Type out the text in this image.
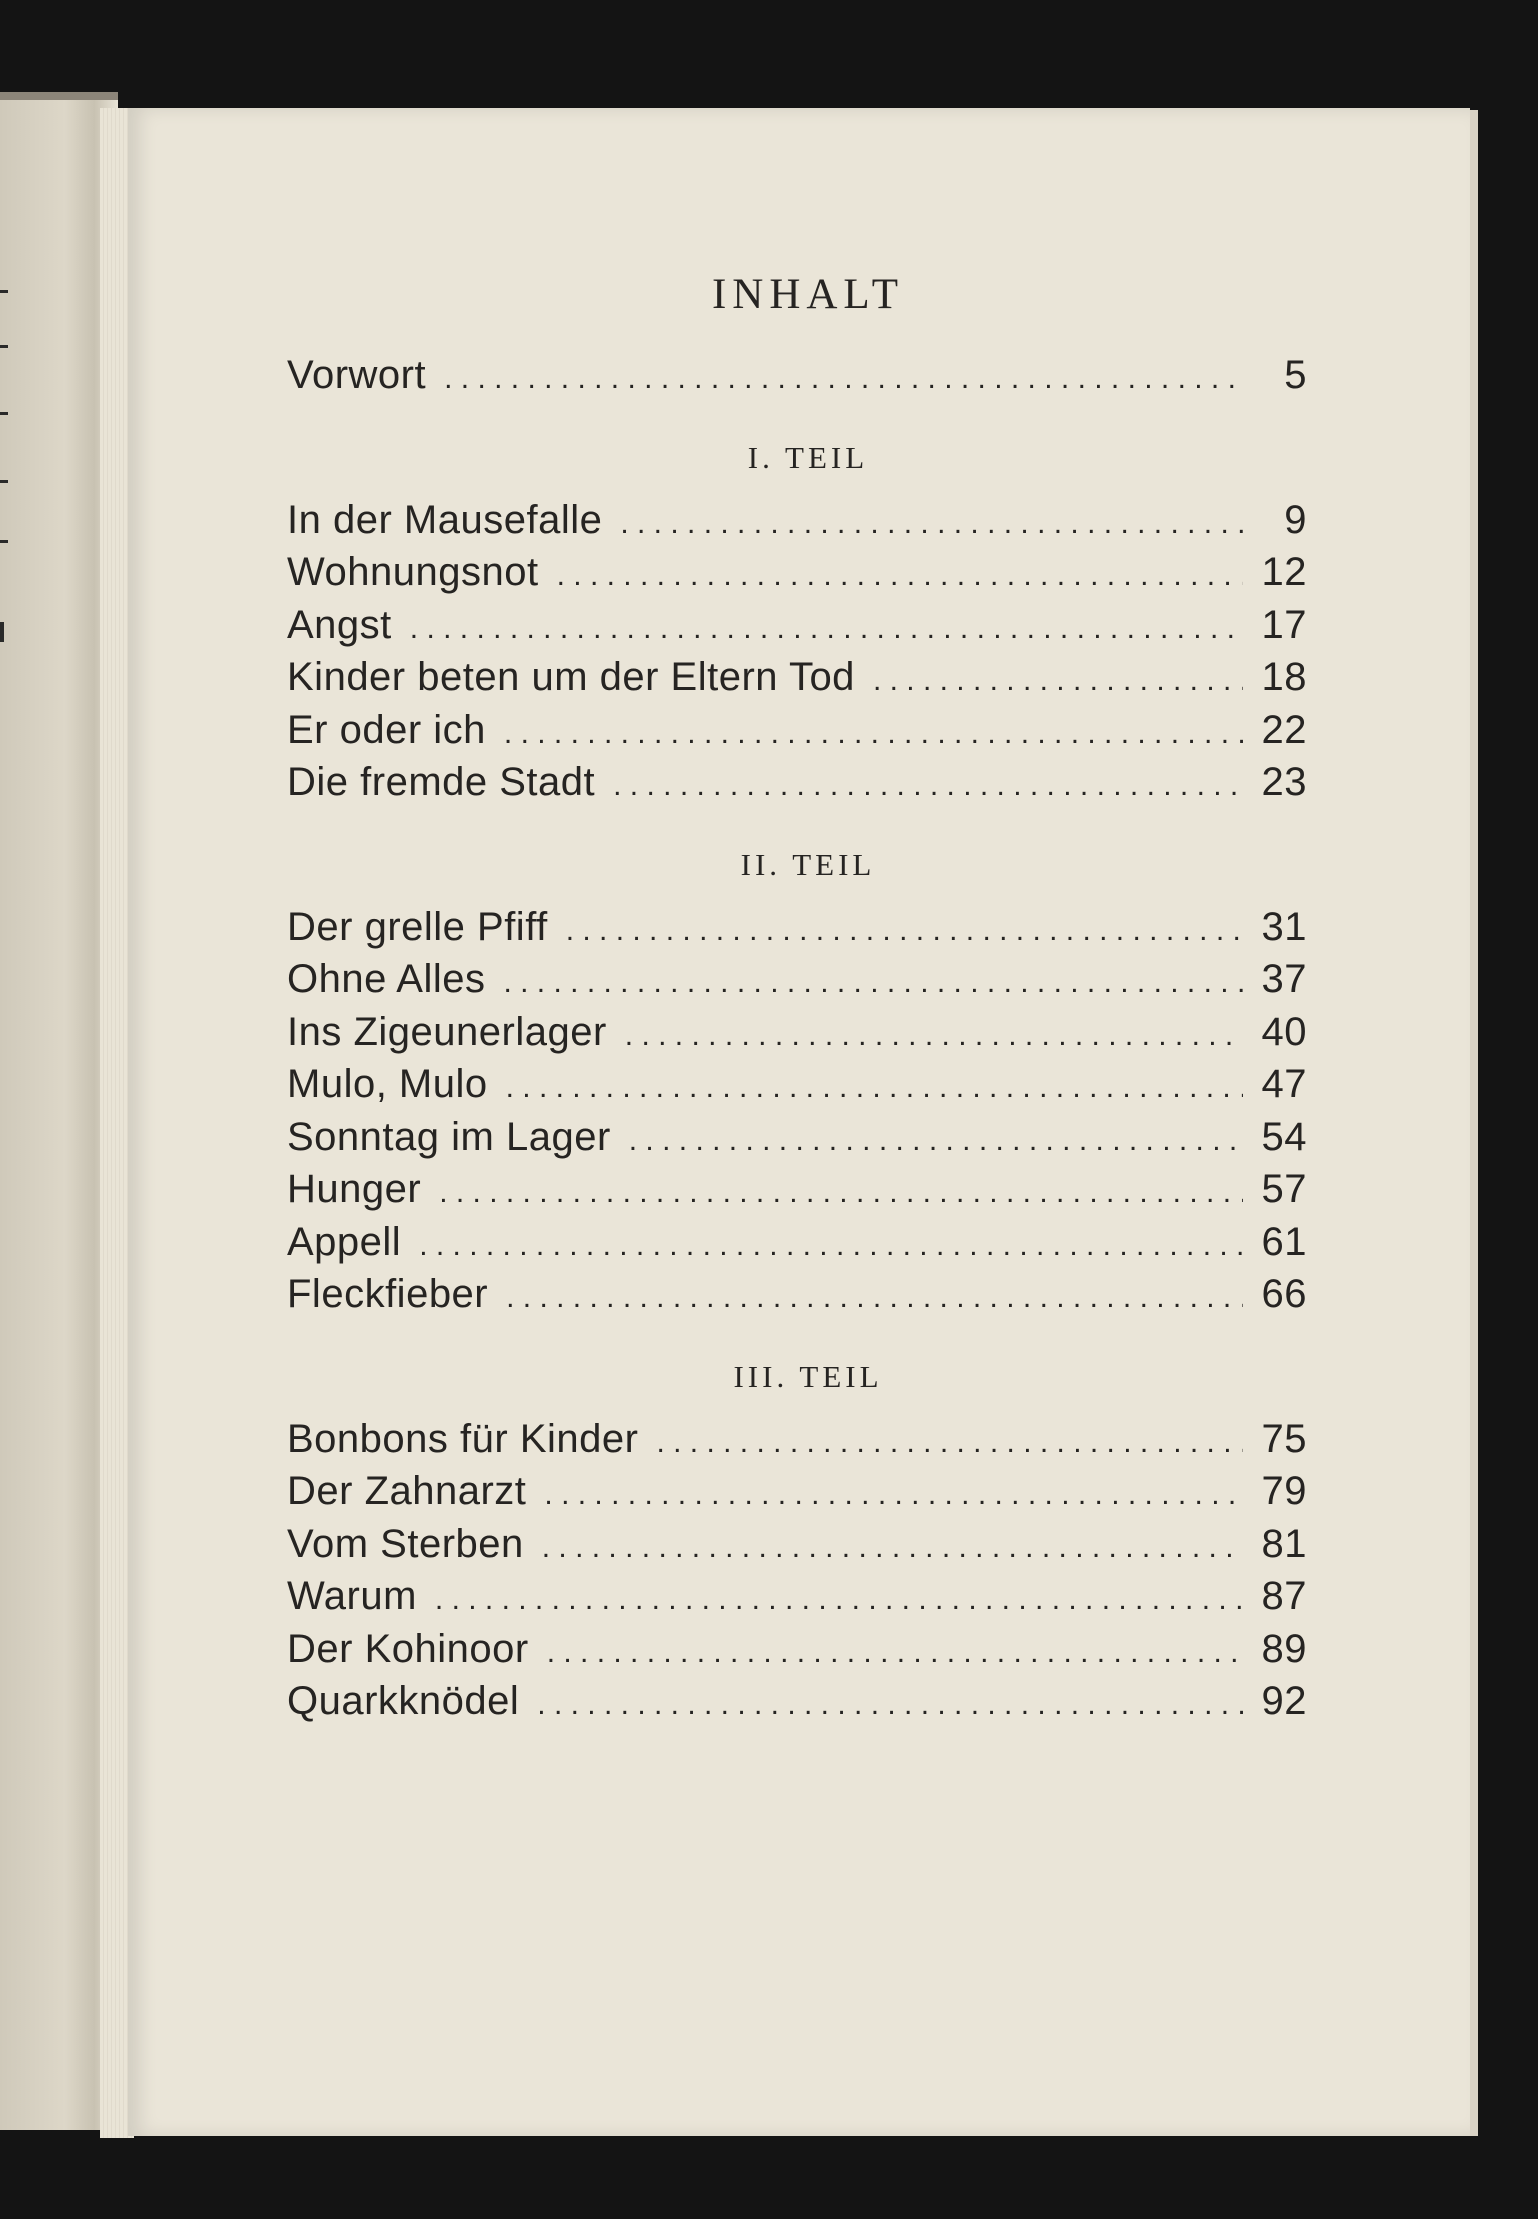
INHALT
Vorwort . . .	5
I. TEIL
In der Mausefalle . . .	9
Wohnungsnot . . .	12
Angst . . .	17
Kinder beten um der Eltern Tod . . .	18
Er oder ich . . .	22
Die fremde Stadt . . .	23
II. TEIL
Der grelle Pfiff . . .	31
Ohne Alles . . .	37
Ins Zigeunerlager . . .	40
Mulo, Mulo . . .	47
Sonntag im Lager . . .	54
Hunger . . .	57
Appell . . .	61
Fleckfieber . . .	66
III. TEIL
Bonbons für Kinder . . .	75
Der Zahnarzt . . .	79
Vom Sterben . . .	81
Warum . . .	87
Der Kohinoor . . .	89
Quarkknödel . . .	92
